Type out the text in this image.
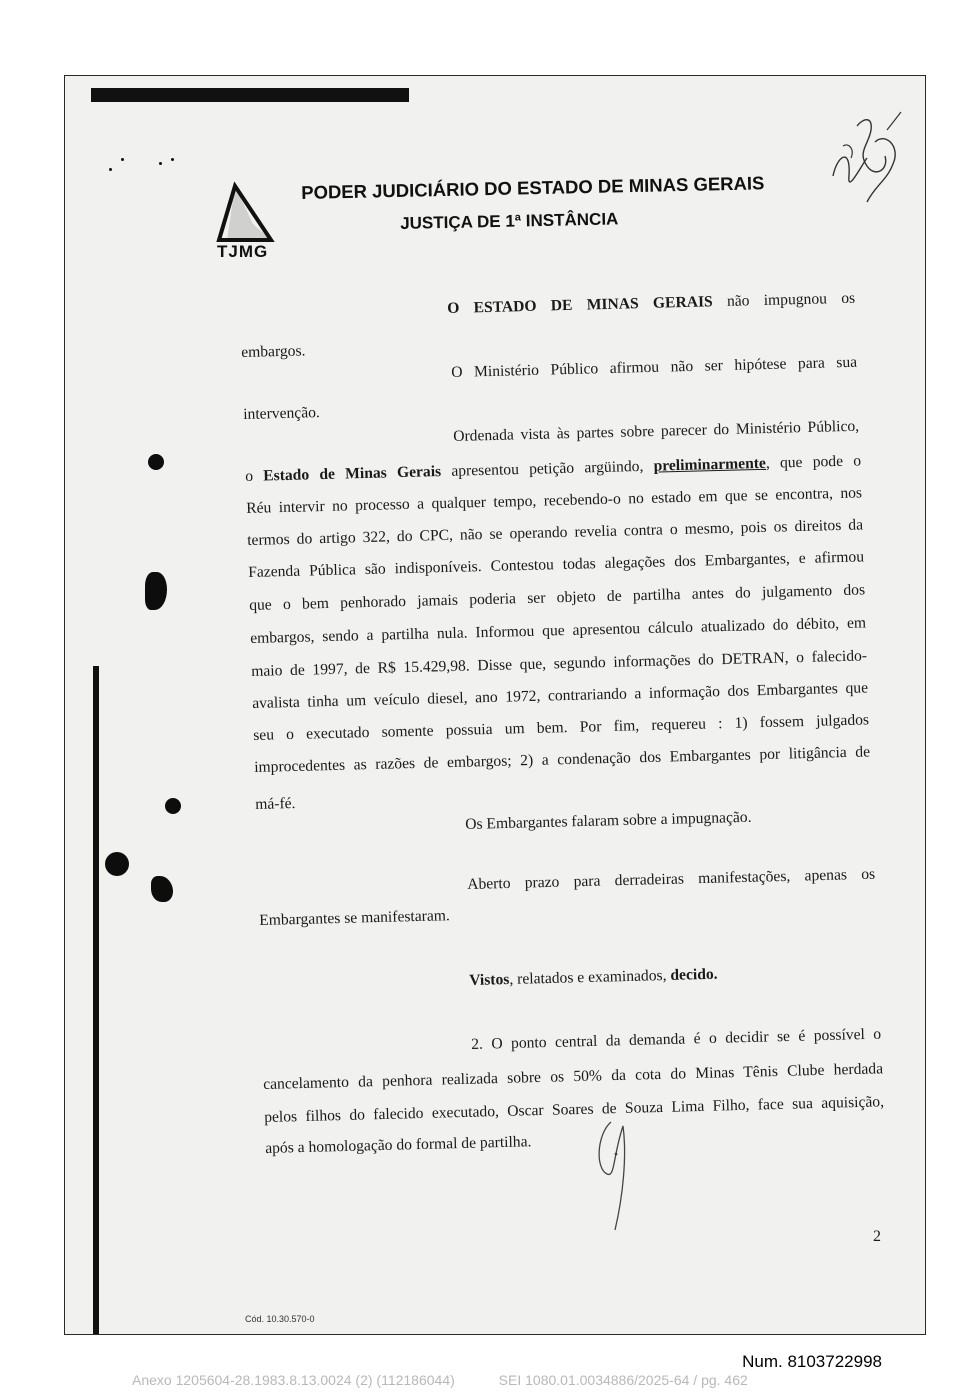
TJMG
PODER JUDICIÁRIO DO ESTADO DE MINAS GERAIS
JUSTIÇA DE 1ª INSTÂNCIA
O ESTADO DE MINAS GERAIS não impugnou os
embargos.
O Ministério Público afirmou não ser hipótese para sua
intervenção.
Ordenada vista às partes sobre parecer do Ministério Público,
o Estado de Minas Gerais apresentou petição argüindo, preliminarmente, que pode o
Réu intervir no processo a qualquer tempo, recebendo-o no estado em que se encontra, nos
termos do artigo 322, do CPC, não se operando revelia contra o mesmo, pois os direitos da
Fazenda Pública são indisponíveis. Contestou todas alegações dos Embargantes, e afirmou
que o bem penhorado jamais poderia ser objeto de partilha antes do julgamento dos
embargos, sendo a partilha nula. Informou que apresentou cálculo atualizado do débito, em
maio de 1997, de R$ 15.429,98. Disse que, segundo informações do DETRAN, o falecido-
avalista tinha um veículo diesel, ano 1972, contrariando a informação dos Embargantes que
seu o executado somente possuia um bem. Por fim, requereu : 1) fossem julgados
improcedentes as razões de embargos; 2) a condenação dos Embargantes por litigância de
má-fé.
Os Embargantes falaram sobre a impugnação.
Aberto prazo para derradeiras manifestações, apenas os
Embargantes se manifestaram.
Vistos, relatados e examinados, decido.
2. O ponto central da demanda é o decidir se é possível o
cancelamento da penhora realizada sobre os 50% da cota do Minas Tênis Clube herdada
pelos filhos do falecido executado, Oscar Soares de Souza Lima Filho, face sua aquisição,
após a homologação do formal de partilha.
2
Cód. 10.30.570-0
Num. 8103722998
Anexo 1205604-28.1983.8.13.0024 (2) (112186044)	SEI 1080.01.0034886/2025-64 / pg. 462
